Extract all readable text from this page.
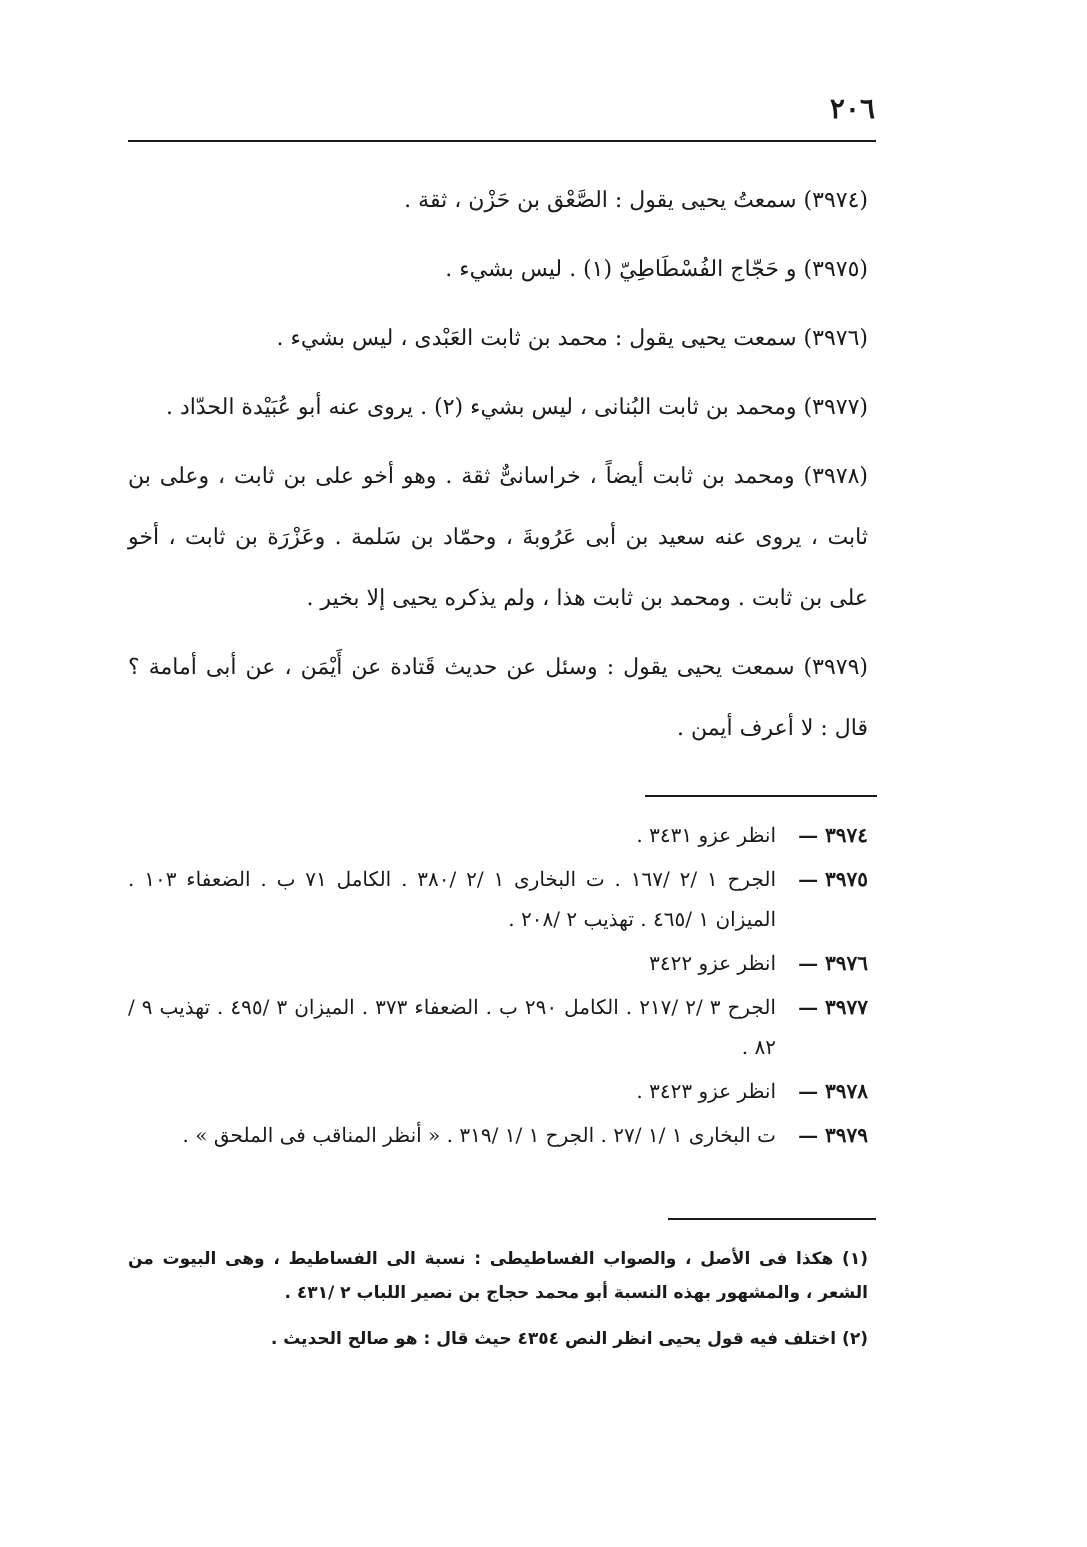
٢٠٦

(٣٩٧٤) سمعتُ يحيى يقول : الصَّعْق بن حَزْن ، ثقة .

(٣٩٧٥) و حَجّاج الفُسْطَاطِيّ (١) . ليس بشيء .

(٣٩٧٦) سمعت يحيى يقول : محمد بن ثابت العَبْدى ، ليس بشيء .

(٣٩٧٧) ومحمد بن ثابت البُنانى ، ليس بشيء (٢) . يروى عنه أبو عُبَيْدة الحدّاد .

(٣٩٧٨) ومحمد بن ثابت أيضاً ، خراسانىٌّ ثقة . وهو أخو على بن ثابت ، وعلى بن ثابت ، يروى عنه سعيد بن أبى عَرُوبةَ ، وحمّاد بن سَلمة . وعَزْرَة بن ثابت ، أخو على بن ثابت . ومحمد بن ثابت هذا ، ولم يذكره يحيى إلا بخير .

(٣٩٧٩) سمعت يحيى يقول : وسئل عن حديث قَتادة عن أَيْمَن ، عن أبى أمامة ؟ قال : لا أعرف أيمن .

٣٩٧٤ —
انظر عزو ٣٤٣١ .
٣٩٧٥ —
الجرح ١ /٢ /١٦٧ . ت البخارى ١ /٢ /٣٨٠ . الكامل ٧١ ب . الضعفاء ١٠٣ . الميزان ١ /٤٦٥ . تهذيب ٢ /٢٠٨ .
٣٩٧٦ —
انظر عزو ٣٤٢٢
٣٩٧٧ —
الجرح ٣ /٢ /٢١٧ . الكامل ٢٩٠ ب . الضعفاء ٣٧٣ . الميزان ٣ /٤٩٥ . تهذيب ٩ /٨٢ .
٣٩٧٨ —
انظر عزو ٣٤٢٣ .
٣٩٧٩ —
ت البخارى ١ /١ /٢٧ . الجرح ١ /١ /٣١٩ . « أنظر المناقب فى الملحق » .

(١) هكذا فى الأصل ، والصواب الفساطيطى : نسبة الى الفساطيط ، وهى البيوت من الشعر ، والمشهور بهذه النسبة أبو محمد حجاج بن نصير اللباب ٢ /٤٣١ .

(٢) اختلف فيه قول يحيى انظر النص ٤٣٥٤ حيث قال : هو صالح الحديث .
